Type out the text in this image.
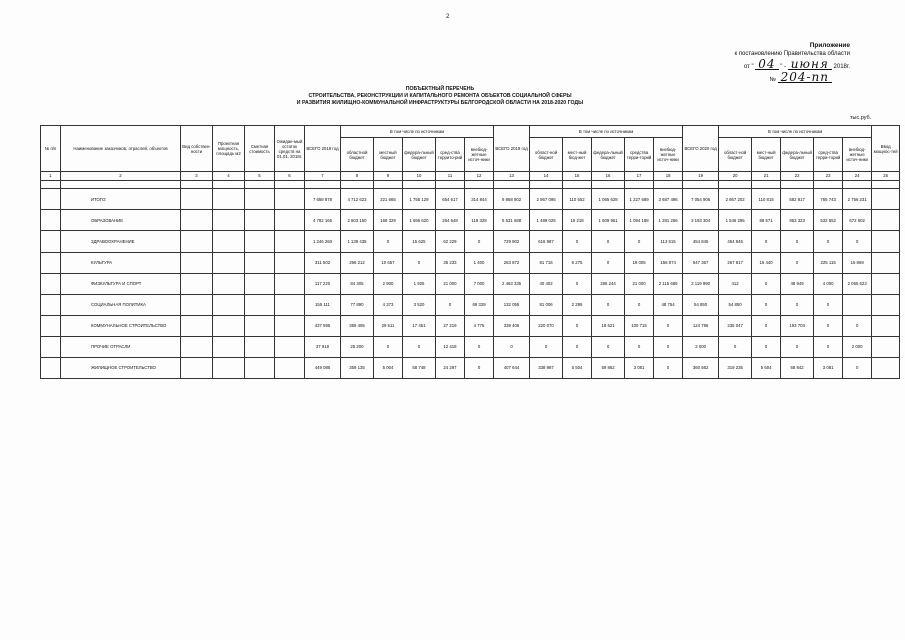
2
Приложение
к постановлению Правительства области
от " 04 " - июня 2018г.
№ 204-пп
ПОБЪЕКТНЫЙ ПЕРЕЧЕНЬ
СТРОИТЕЛЬСТВА, РЕКОНСТРУКЦИИ И КАПИТАЛЬНОГО РЕМОНТА ОБЪЕКТОВ СОЦИАЛЬНОЙ СФЕРЫ
И РАЗВИТИЯ ЖИЛИЩНО-КОММУНАЛЬНОЙ ИНФРАСТРУКТУРЫ БЕЛГОРОДСКОЙ ОБЛАСТИ НА 2018-2020 ГОДЫ
тыс.руб.
№ п/п	Наименование заказчиков, отраслей, объектов	Вид собствен-ности	Проектная мощность, площадь м2	Сметная стоимость	Ожидае-мый остаток средств на 01.01. 2018г.	ВСЕГО 2018 год	В том числе по источникам					ВСЕГО 2019 год	В том числе по источникам					ВСЕГО 2020 год	В том числе по источникам					Ввод мощнос-тей
							областной бюджет	местный бюджет	федера-льный бюджет	сред-ства террито-рий	внебюд-жетные источ-ники		област-ной бюджет	мест-ный бюд-жет	федера-льный бюджет	средства терри-торий	внебюд-жетные источ-ники		област-ной бюджет	мест-ный бюджет	федера-льный бюджет	сред-ства терри-торий	внебюд-жетные источ-ники	
1	2	3	4	5	6	7	8	9	10	11	12	13	14	15	16	17	18	19	20	21	22	23	24	25

	ИТОГО:					7 658 878	4 712 623	221 665	1 755 129	654 617	314 844	9 868 902	2 867 095	110 552	1 065 628	1 227 689	3 687 496	7 054 906	2 867 202	110 815	582 817	765 743	2 756 231	
	ОБРАЗОВАНИЕ					4 782 165	2 603 150	168 329	1 656 620	264 648	119 328	5 531 688	1 489 025	16 218	1 609 951	1 094 188	1 281 266	3 193 304	1 546 295	88 571	953 323	532 552	672 602	
	ЗДРАВООХРАНЕНИЕ					1 246 260	1 139 435	0	15 625	62 229	0	729 902	616 987	0	0	0	113 515	454 845	454 845	0	0	0	0	
	КУЛЬТУРА					311 502	266 212	10 657	0	35 233	1 400	263 872	81 716	6 275	0	19 005	156 874	547 367	267 817	16 440	0	225 115	16 869	
	ФИЗКУЛЬТУРА И СПОРТ					117 220	84 305	2 900	1 925	21 000	7 000	2 463 335	40 402	0	286 244	21 000	2 115 689	2 119 990	412	0	48 949	4 000	2 065 623	
	СОЦИАЛЬНАЯ ПОЛИТИКА					155 111	77 890	4 373	3 520	0	69 328	132 055	81 006	2 295	0	0	48 754	54 850	54 850	0	0	0		
	КОММУНАЛЬНОЕ СТРОИТЕЛЬСТВО					437 595	359 495	29 511	17 451	27 219	4 775	339 406	220 070	0	18 621	100 715	0	124 786	235 047	0	193 703	0	0	
	ПРОЧИЕ ОТРАСЛИ					37 918	25 200	0	0	12 418	0	0	0	0	0	0	0	2 000	0	0	0	0	2 000	
	ЖИЛИЩНОЕ СТРОИТЕЛЬСТВО					449 085	359 135	5 004	58 748	24 297	0	407 644	338 987	5 504	59 862	3 081	0	360 562	319 235	5 604	68 842	3 081	0	
